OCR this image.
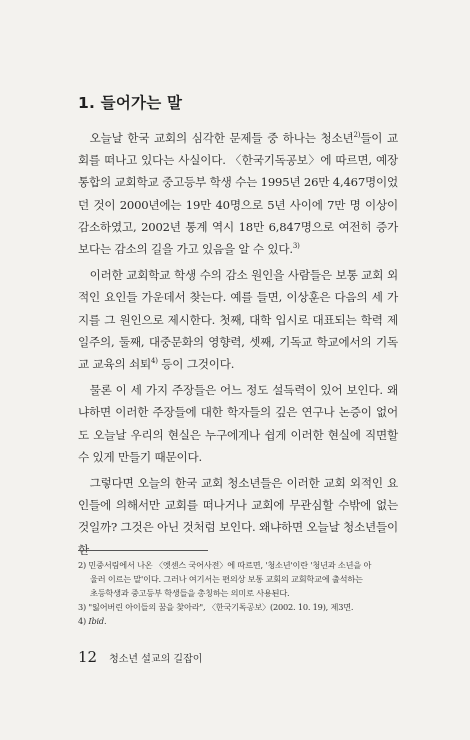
1. 들어가는 말

오늘날 한국 교회의 심각한 문제들 중 하나는 청소년$^{2)}$들이 교회를 떠나고 있다는 사실이다. 〈한국기독공보〉에 따르면, 예장 통합의 교회학교 중고등부 학생 수는 1995년 26만 4,467명이었던 것이 2000년에는 19만 40명으로 5년 사이에 7만 명 이상이 감소하였고, 2002년 통계 역시 18만 6,847명으로 여전히 증가보다는 감소의 길을 가고 있음을 알 수 있다.$^{3)}$

이러한 교회학교 학생 수의 감소 원인을 사람들은 보통 교회 외적인 요인들 가운데서 찾는다. 예를 들면, 이상훈은 다음의 세 가지를 그 원인으로 제시한다. 첫째, 대학 입시로 대표되는 학력 제일주의, 둘째, 대중문화의 영향력, 셋째, 기독교 학교에서의 기독교 교육의 쇠퇴$^{4)}$ 등이 그것이다.

물론 이 세 가지 주장들은 어느 정도 설득력이 있어 보인다. 왜냐하면 이러한 주장들에 대한 학자들의 깊은 연구나 논증이 없어도 오늘날 우리의 현실은 누구에게나 쉽게 이러한 현실에 직면할 수 있게 만들기 때문이다.

그렇다면 오늘의 한국 교회 청소년들은 이러한 교회 외적인 요인들에 의해서만 교회를 떠나거나 교회에 무관심할 수밖에 없는 것일까? 그것은 아닌 것처럼 보인다. 왜냐하면 오늘날 청소년들이 한

2) 민중서림에서 나온 〈엣센스 국어사전〉에 따르면, '청소년'이란 '청년과 소년을 아
울러 이르는 말'이다. 그러나 여기서는 편의상 보통 교회의 교회학교에 출석하는
초등학생과 중고등부 학생들을 총칭하는 의미로 사용된다.

3) "잃어버린 아이들의 꿈을 찾아라", 〈한국기독공보〉(2002. 10. 19), 제3면.

4) Ibid.

12 청소년 설교의 길잡이
